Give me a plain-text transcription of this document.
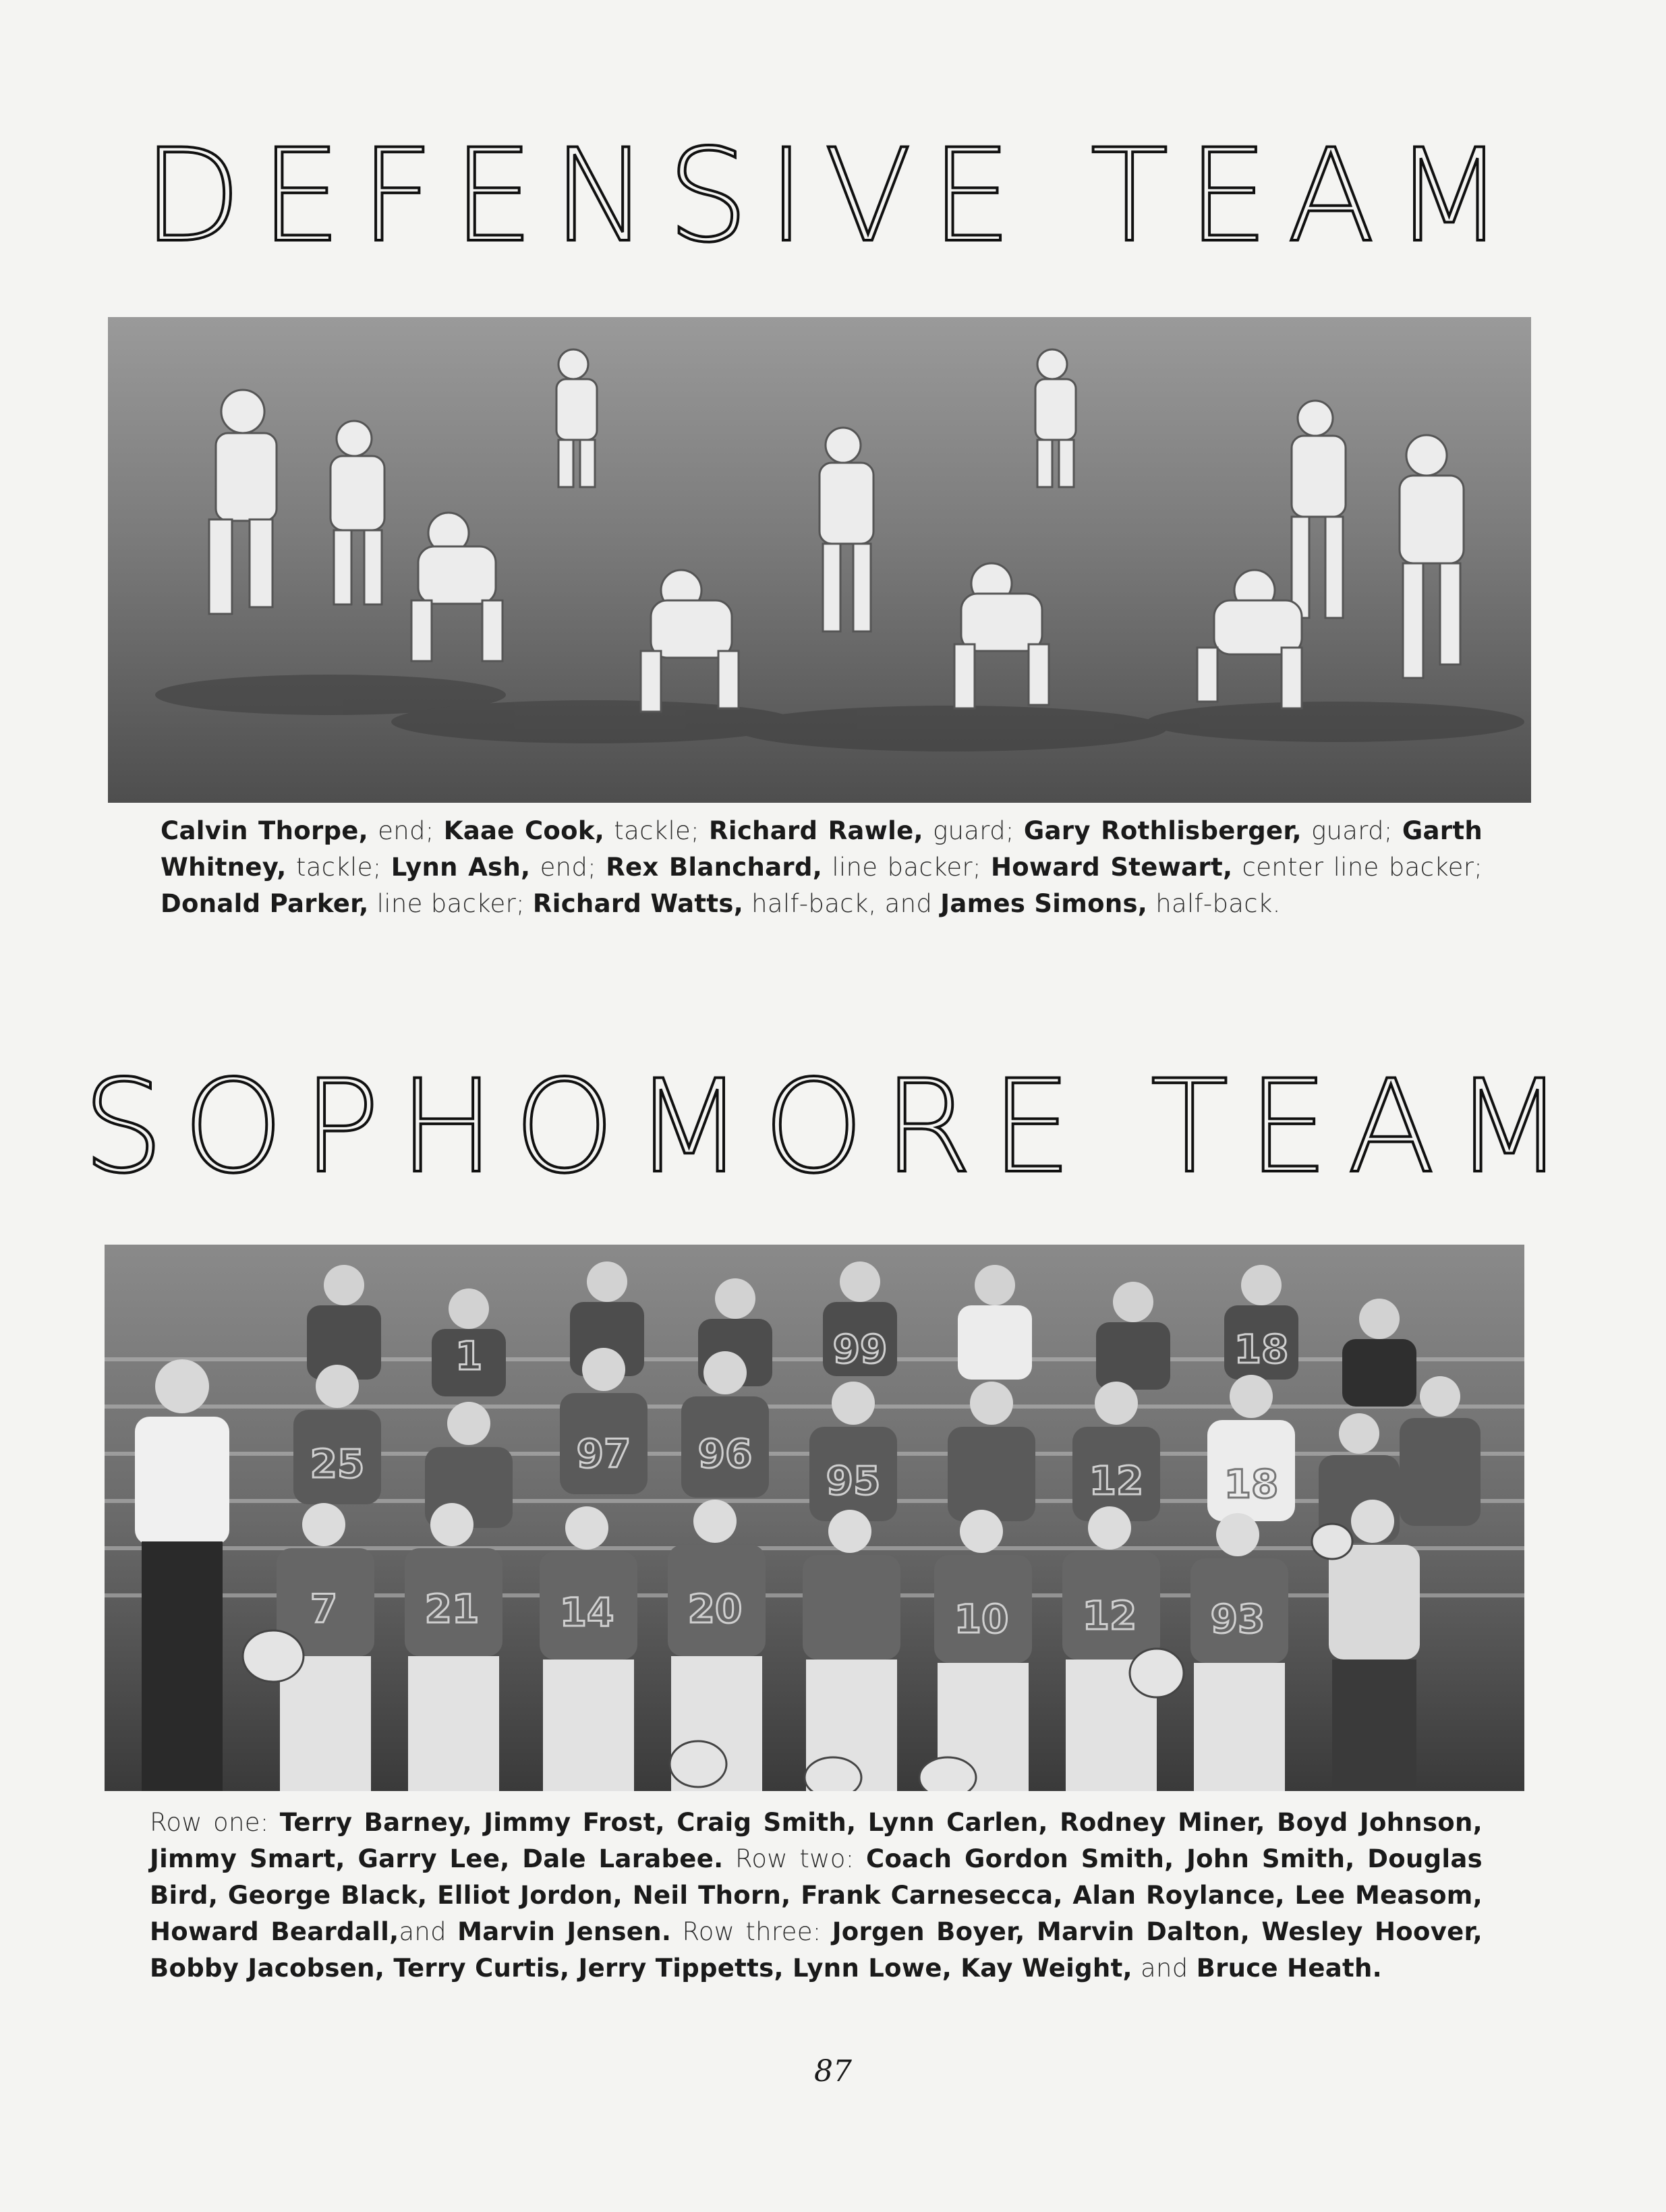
DEFENSIVE TEAM
Calvin Thorpe, end; Kaae Cook, tackle; Richard Rawle, guard; Gary Rothlisberger, guard; Garth Whitney, tackle; Lynn Ash, end; Rex Blanchard, line backer; Howard Stewart, center line backer; Donald Parker, line backer; Richard Watts, half-back, and James Simons, half-back.
SOPHOMORE TEAM
99	18
97 96
25	95	12 18
7 21 14 20	10 12 93
1
Row one: Terry Barney, Jimmy Frost, Craig Smith, Lynn Carlen, Rodney Miner, Boyd Johnson, Jimmy Smart, Garry Lee, Dale Larabee. Row two: Coach Gordon Smith, John Smith, Douglas Bird, George Black, Elliot Jordon, Neil Thorn, Frank Carnesecca, Alan Roylance, Lee Measom, Howard Beardall,and Marvin Jensen. Row three: Jorgen Boyer, Marvin Dalton, Wesley Hoover, Bobby Jacobsen, Terry Curtis, Jerry Tippetts, Lynn Lowe, Kay Weight, and Bruce Heath.
87
